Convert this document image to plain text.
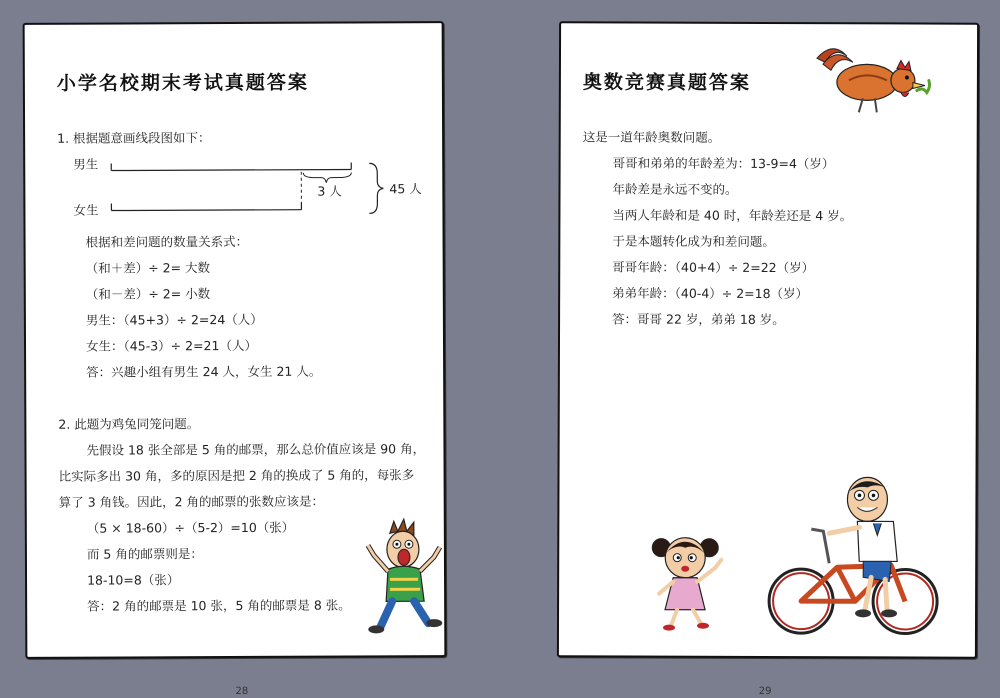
小学名校期末考试真题答案
1. 根据题意画线段图如下：
男生
女生
3 人	45 人
根据和差问题的数量关系式：
（和＋差）÷ 2= 大数
（和－差）÷ 2= 小数
男生：（45+3）÷ 2=24（人）
女生：（45-3）÷ 2=21（人）
答：兴趣小组有男生 24 人，女生 21 人。
2. 此题为鸡兔同笼问题。
先假设 18 张全部是 5 角的邮票，那么总价值应该是 90 角，
比实际多出 30 角，多的原因是把 2 角的换成了 5 角的，每张多
算了 3 角钱。因此，2 角的邮票的张数应该是：
（5 × 18-60）÷（5-2）=10（张）
而 5 角的邮票则是：
18-10=8（张）
答：2 角的邮票是 10 张，5 角的邮票是 8 张。
28
奥数竞赛真题答案
这是一道年龄奥数问题。
哥哥和弟弟的年龄差为：13-9=4（岁）
年龄差是永远不变的。
当两人年龄和是 40 时，年龄差还是 4 岁。
于是本题转化成为和差问题。
哥哥年龄：（40+4）÷ 2=22（岁）
弟弟年龄：（40-4）÷ 2=18（岁）
答：哥哥 22 岁，弟弟 18 岁。
29
